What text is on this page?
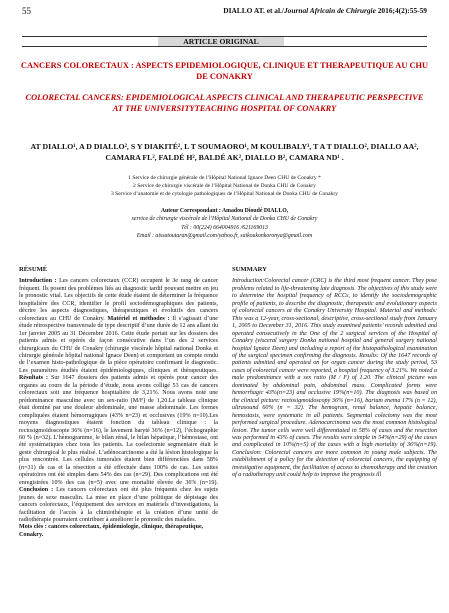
55	DIALLO AT. et al./Journal Africain de Chirurgie 2016;4(2):55-59
ARTICLE ORIGINAL
CANCERS COLORECTAUX : ASPECTS EPIDEMIOLOGIQUE, CLINIQUE ET THERAPEUTIQUE AU CHU DE CONAKRY
COLORECTAL CANCERS: EPIDEMIOLOGICAL ASPECTS CLINICAL AND THERAPEUTIC PERSPECTIVE AT THE UNIVERSITYTEACHING HOSPITAL OF CONAKRY
AT DIALLO¹, A D DIALLO², S Y DIAKITÉ², L T SOUMAORO¹, M KOULIBALY³, T A T DIALLO², DIALLO AA², CAMARA FL², FALDÉ H², BALDÉ AK², DIALLO B², CAMARA ND¹ .
1 Service de chirurgie générale de l’Hôpital National Ignace Deen CHU de Conakry *
2 Service de chirurgie viscérale de l’Hôpital National de Donka CHU de Conakry
3 Service d’anatomie et de cytologie pathologiques de l’Hôpital National de Donka CHU de Conakry
Auteur Correspondant : Amadou Dioudé DIALLO,
service de chirurgie viscérale de l’Hôpital National de Donka CHU de Conakry
Tél : 00(224) 664004916 /621169013
Email : aissatoutaran@gmail.com/yahoo.fr, saikoukonkoronya@gmail.com
RÉSUMÉ

Introduction : Les cancers colorectaux (CCR) occupent le 3e rang de cancer fréquent. Ils posent des problèmes liés au diagnostic tardif pouvant mettre en jeu le pronostic vital. Les objectifs de cette étude étaient de déterminer la fréquence hospitalière des CCR, identifier le profil sociodémographiques des patients, décrire les aspects diagnostiques, thérapeutiques et évolutifs des cancers colorectaux au CHU de Conakry. Matériel et méthodes : Il s’agissait d’une étude rétrospective transversale de type descriptif d’une durée de 12 ans allant du 1er janvier 2005 au 31 Décembre 2016. Cette étude portait sur les dossiers des patients admis et opérés de façon consécutive dans l’un des 2 services chirurgicaux du CHU de Conakry (chirurgie viscérale hôpital national Donka et chirurgie générale hôpital national Ignace Deen) et comportant un compte rendu de l’examen histo-pathologique de la pièce opératoire confirmant le diagnostic. Les paramètres étudiés étaient épidémiologiques, cliniques et thérapeutiques. Résultats : Sur 1647 dossiers des patients admis et opérés pour cancer des organes au cours de la période d’étude, nous avons colligé 53 cas de cancers colorectaux soit une fréquence hospitalière de 3,21%. Nous avons noté une prédominance masculine avec un sex-ratio (M/F) de 1,20.Le tableau clinique était dominé par une douleur abdominale, une masse abdominale. Les formes compliquées étaient hémorragiques (43% n=23) et occlusives (19% n=10).Les moyens diagnostiques étaient fonction du tableau clinique : la rectosigmoïdoscopie 36% (n=16), le lavement baryté 36% (n=12), l’échographie 60 % (n=32). L’hémogramme, le bilan rénal, le bilan hépatique, l’hémostase, ont été systématiques chez tous les patients. La coelectomie segmentaire était le geste chirurgical le plus réalisé. L’adénocarcinome a été la lésion histologique la plus rencontrée. Les cellules tumorales étaient bien différenciées dans 58% (n=31) de cas et la résection a été effectuée dans 100% de cas. Les suites opératoires ont été simples dans 54% des cas (n=29). Des complications ont été enregistrées 10% des cas (n=5) avec une mortalité élevée de 36% (n=19). Conclusion : Les cancers colorectaux ont été plus fréquents chez les sujets jeunes de sexe masculin. La mise en place d’une politique de dépistage des cancers colorectaux, l’équipement des services en matériels d’investigations, la facilitation de l’accès à la chimiothérapie et la création d’une unité de radiothérapie pourraient contribuer à améliorer le pronostic des malades.

Mots clés : cancers colorectaux, épidémiologie, clinique, thérapeutique, Conakry.

SUMMARY

Introduction:Colorectal cancer (CRC) is the third most frequent cancer. They pose problems related to life-threatening late diagnosis. The objectives of this study were to determine the hospital frequency of RCCs, to identify the sociodemographic profile of patients, to describe the diagnostic, therapeutic and evolutionary aspects of colorectal cancers at the Conakry University Hospital. Material and methods: This was a 12-year, cross-sectional, descriptive, cross-sectional study from January 1, 2005 to December 31, 2016. This study examined patients’ records admitted and operated consecutively in the One of the 2 surgical services of the Hospital of Conakry (visceral surgery Donka national hospital and general surgery national hospital Ignace Deen) and including a report of the histopathological examination of the surgical specimen confirming the diagnosis. Results: Of the 1647 records of patients admitted and operated on for organ cancer during the study period, 53 cases of colorectal cancer were reported, a hospital frequency of 3.21%. We noted a male predominance with a sex ratio (M / F) of 1.20. The clinical picture was dominated by abdominal pain, abdominal mass. Complicated forms were hemorrhagic 43%(n=23) and occlusive 19%(n=10). The diagnosis was based on the clinical picture: rectosigmoidoscopy 36% (n=16), barium enema 17% (n = 12), ultrasound 60% (n = 32). The hemogram, renal balance, hepatic balance, hemostasis, were systematic in all patients. Segmental colectomy was the most performed surgical procedure. Adenocarcinoma was the most common histological lesion. The tumor cells were well differentiated in 58% of cases and the resection was performed in 43% of cases. The results were simple in 54%(n=29) of the cases and complicated in 10%(n=5) of the cases with a high mortality of 36%(n=19). Conclusion: Colorectal cancers are more common in young male subjects. The establishment of a policy for the detection of colorectal cancers, the equipping of investigative equipment, the facilitation of access to chemotherapy and the creation of a radiotherapy unit could help to improve the prognosis ill
